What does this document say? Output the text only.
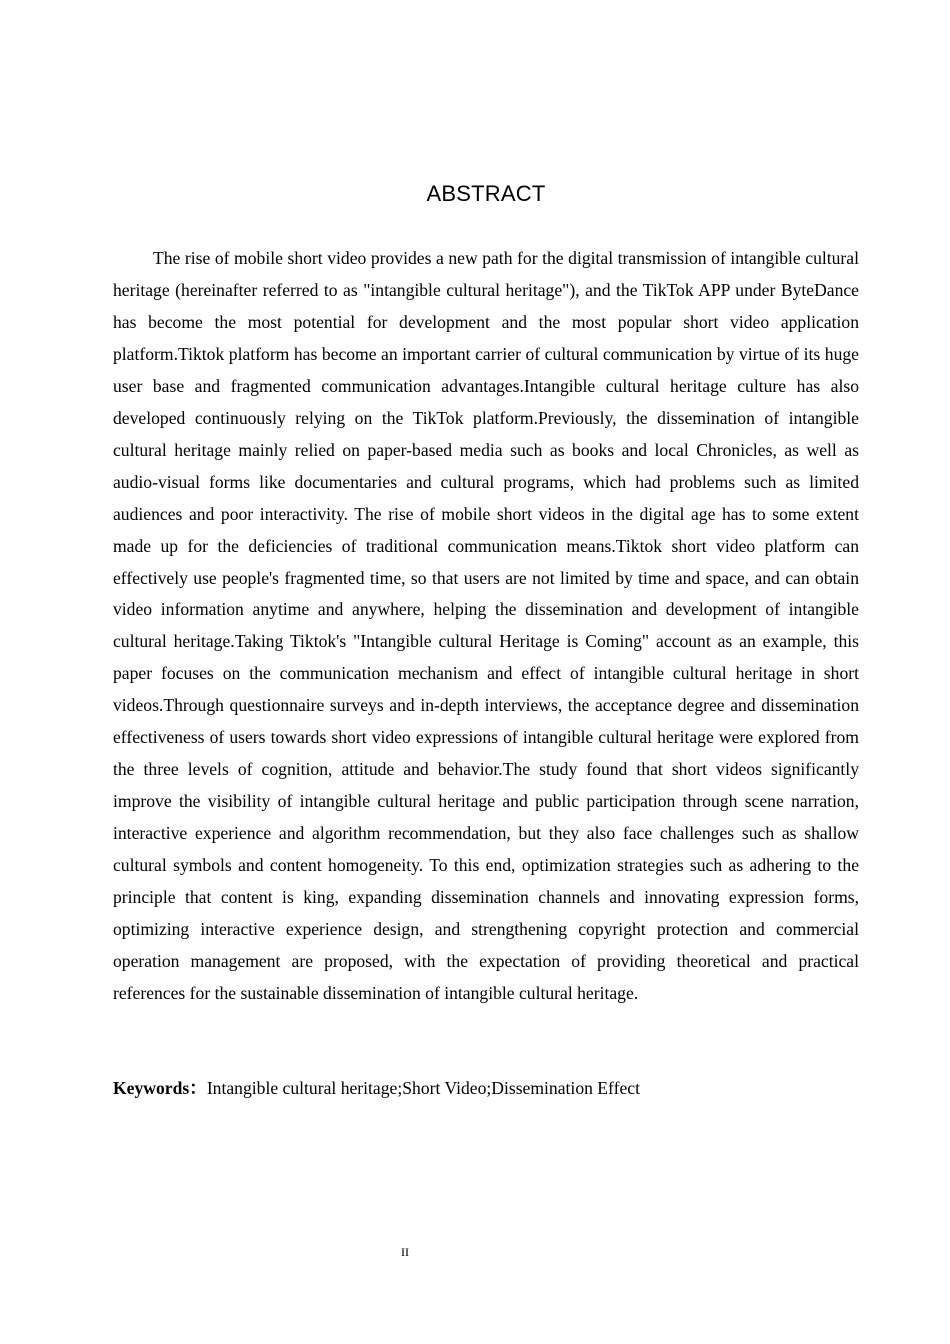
ABSTRACT

The rise of mobile short video provides a new path for the digital transmission of intangible cultural heritage (hereinafter referred to as "intangible cultural heritage"), and the TikTok APP under ByteDance has become the most potential for development and the most popular short video application platform.Tiktok platform has become an important carrier of cultural communication by virtue of its huge user base and fragmented communication advantages.Intangible cultural heritage culture has also developed continuously relying on the TikTok platform.Previously, the dissemination of intangible cultural heritage mainly relied on paper-based media such as books and local Chronicles, as well as audio-visual forms like documentaries and cultural programs, which had problems such as limited audiences and poor interactivity. The rise of mobile short videos in the digital age has to some extent made up for the deficiencies of traditional communication means.Tiktok short video platform can effectively use people's fragmented time, so that users are not limited by time and space, and can obtain video information anytime and anywhere, helping the dissemination and development of intangible cultural heritage.Taking Tiktok's "Intangible cultural Heritage is Coming" account as an example, this paper focuses on the communication mechanism and effect of intangible cultural heritage in short videos.Through questionnaire surveys and in-depth interviews, the acceptance degree and dissemination effectiveness of users towards short video expressions of intangible cultural heritage were explored from the three levels of cognition, attitude and behavior.The study found that short videos significantly improve the visibility of intangible cultural heritage and public participation through scene narration, interactive experience and algorithm recommendation, but they also face challenges such as shallow cultural symbols and content homogeneity. To this end, optimization strategies such as adhering to the principle that content is king, expanding dissemination channels and innovating expression forms, optimizing interactive experience design, and strengthening copyright protection and commercial operation management are proposed, with the expectation of providing theoretical and practical references for the sustainable dissemination of intangible cultural heritage.

Keywords：Intangible cultural heritage;Short Video;Dissemination Effect

II
